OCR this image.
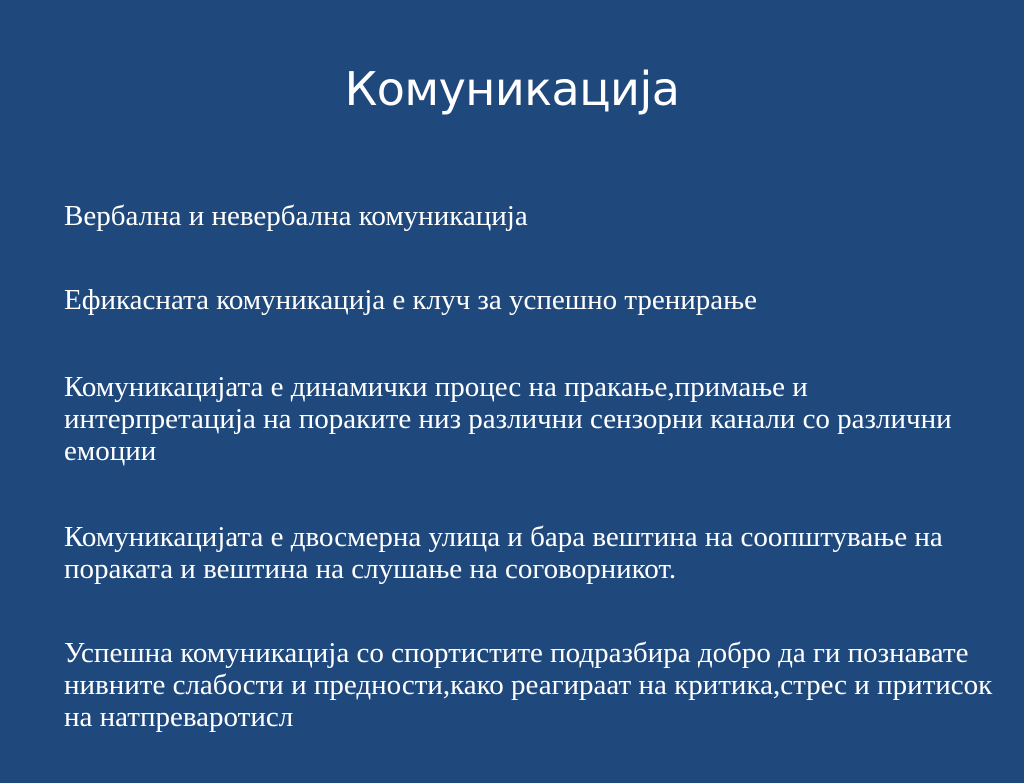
Комуникација
Вербална и невербална комуникација
Ефикасната комуникација е клуч за успешно тренирање
Комуникацијата е динамички процес на пракање,примање и интерпретација на пораките низ различни сензорни канали со различни емоции
Комуникацијата е двосмерна улица и бара вештина на соопштување на пораката и вештина на слушање на соговорникот.
Успешна комуникација со спортистите подразбира добро да ги познавате нивните слабости и предности,како реагираат на критика,стрес и притисок на натпреваротисл
